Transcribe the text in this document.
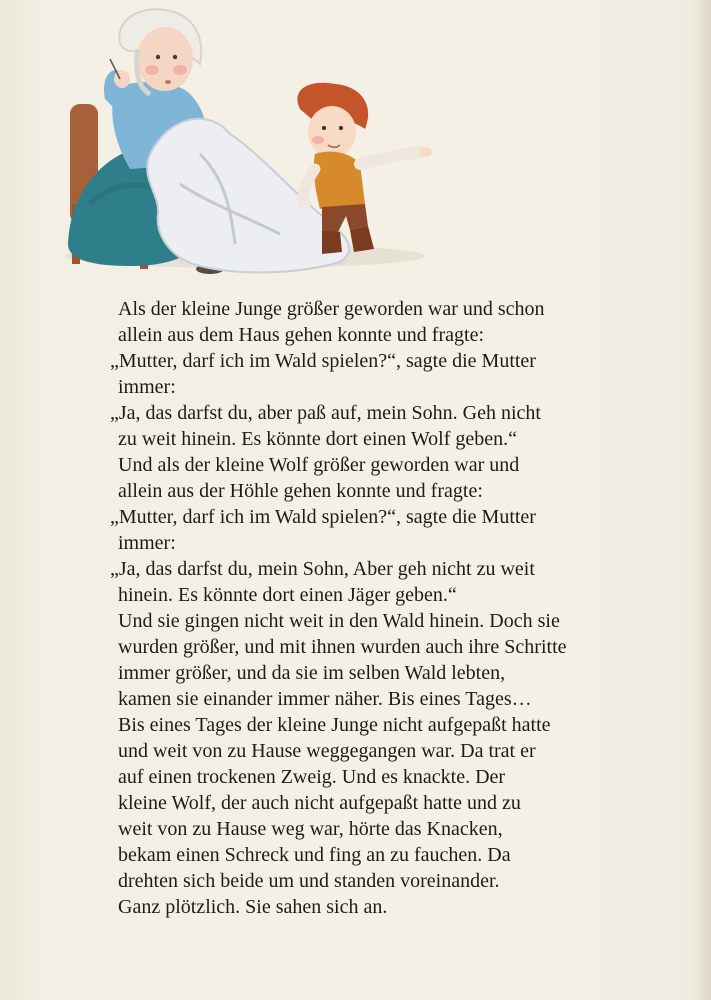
Als der kleine Junge größer geworden war und schon
allein aus dem Haus gehen konnte und fragte:
„Mutter, darf ich im Wald spielen?“, sagte die Mutter
immer:
„Ja, das darfst du, aber paß auf, mein Sohn. Geh nicht
zu weit hinein. Es könnte dort einen Wolf geben.“
Und als der kleine Wolf größer geworden war und
allein aus der Höhle gehen konnte und fragte:
„Mutter, darf ich im Wald spielen?“, sagte die Mutter
immer:
„Ja, das darfst du, mein Sohn, Aber geh nicht zu weit
hinein. Es könnte dort einen Jäger geben.“
Und sie gingen nicht weit in den Wald hinein. Doch sie
wurden größer, und mit ihnen wurden auch ihre Schritte
immer größer, und da sie im selben Wald lebten,
kamen sie einander immer näher. Bis eines Tages…
Bis eines Tages der kleine Junge nicht aufgepaßt hatte
und weit von zu Hause weggegangen war. Da trat er
auf einen trockenen Zweig. Und es knackte. Der
kleine Wolf, der auch nicht aufgepaßt hatte und zu
weit von zu Hause weg war, hörte das Knacken,
bekam einen Schreck und fing an zu fauchen. Da
drehten sich beide um und standen voreinander.
Ganz plötzlich. Sie sahen sich an.
